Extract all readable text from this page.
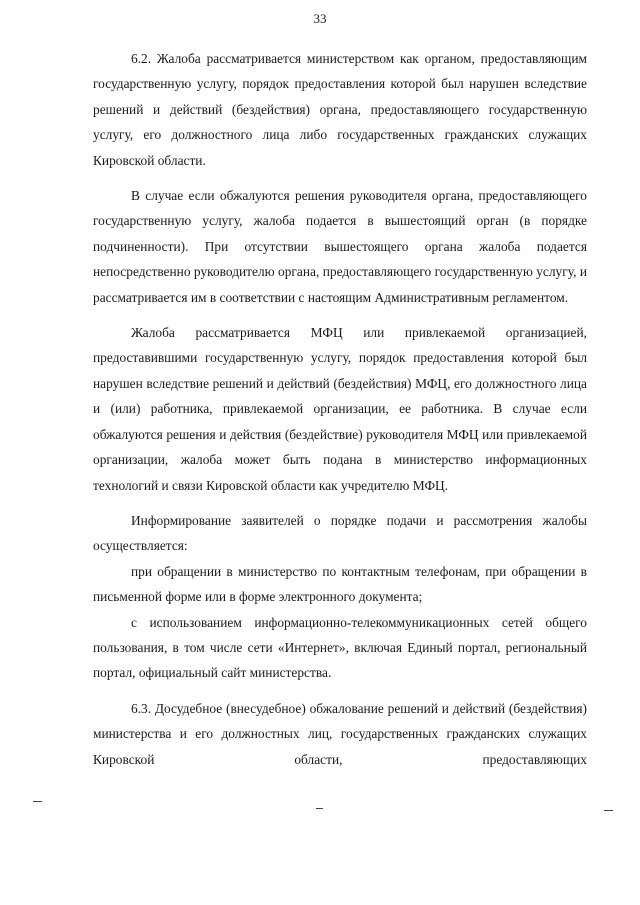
33

6.2. Жалоба рассматривается министерством как органом, предоставляющим государственную услугу, порядок предоставления которой был нарушен вследствие решений и действий (бездействия) органа, предоставляющего государственную услугу, его должностного лица либо государственных гражданских служащих Кировской области.

В случае если обжалуются решения руководителя органа, предоставляющего государственную услугу, жалоба подается в вышестоящий орган (в порядке подчиненности). При отсутствии вышестоящего органа жалоба подается непосредственно руководителю органа, предоставляющего государственную услугу, и рассматривается им в соответствии с настоящим Административным регламентом.

Жалоба рассматривается МФЦ или привлекаемой организацией, предоставившими государственную услугу, порядок предоставления которой был нарушен вследствие решений и действий (бездействия) МФЦ, его должностного лица и (или) работника, привлекаемой организации, ее работника. В случае если обжалуются решения и действия (бездействие) руководителя МФЦ или привлекаемой организации, жалоба может быть подана в министерство информационных технологий и связи Кировской области как учредителю МФЦ.

Информирование заявителей о порядке подачи и рассмотрения жалобы осуществляется:

при обращении в министерство по контактным телефонам, при обращении в письменной форме или в форме электронного документа;

с использованием информационно-телекоммуникационных сетей общего пользования, в том числе сети «Интернет», включая Единый портал, региональный портал, официальный сайт министерства.

6.3. Досудебное (внесудебное) обжалование решений и действий (бездействия) министерства и его должностных лиц, государственных гражданских служащих Кировской области, предоставляющих
